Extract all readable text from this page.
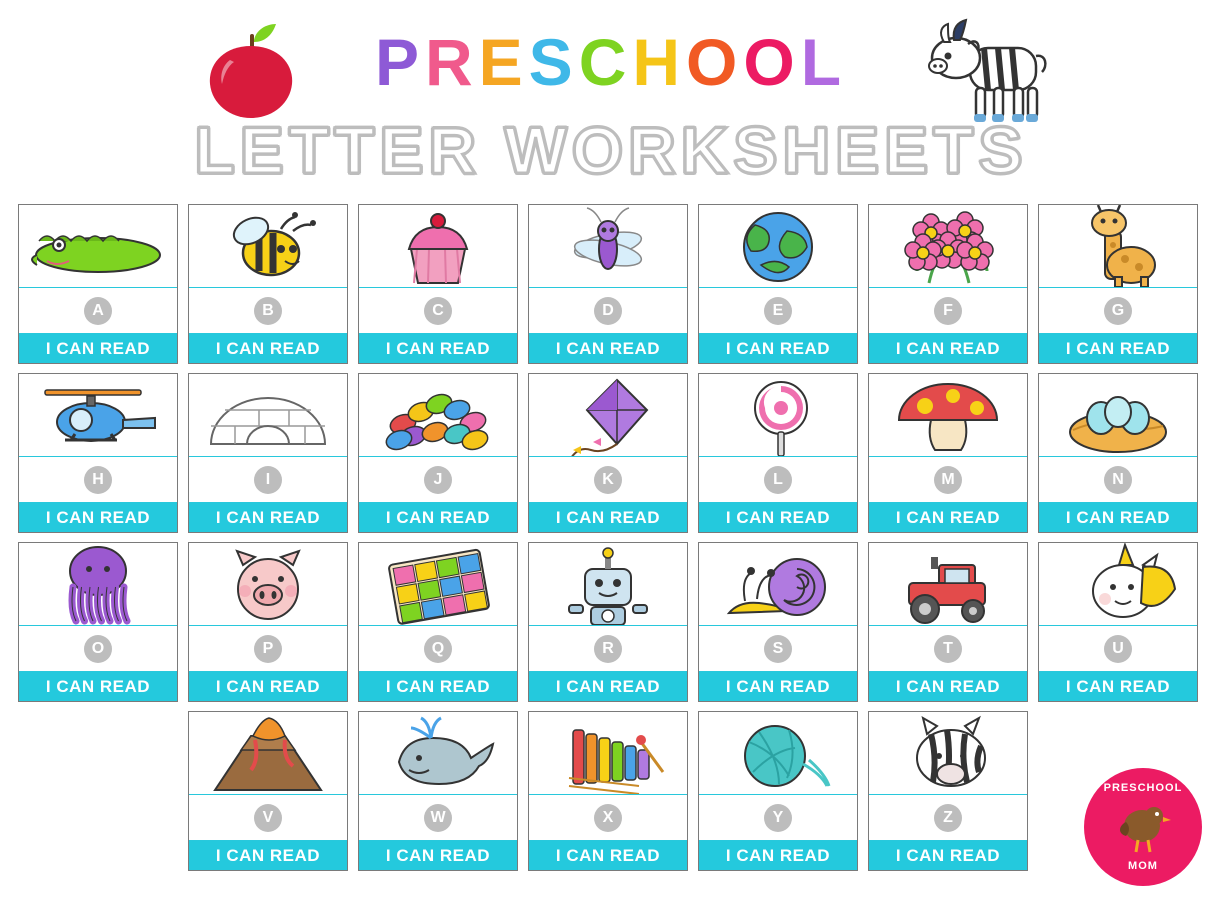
PRESCHOOL
LETTER WORKSHEETS
A
I CAN READ
B
I CAN READ
C
I CAN READ
D
I CAN READ
E
I CAN READ
F
I CAN READ
G
I CAN READ
H
I CAN READ
I
I CAN READ
J
I CAN READ
K
I CAN READ
L
I CAN READ
M
I CAN READ
N
I CAN READ
O
I CAN READ
P
I CAN READ
Q
I CAN READ
R
I CAN READ
S
I CAN READ
T
I CAN READ
U
I CAN READ
V
I CAN READ
W
I CAN READ
X
I CAN READ
Y
I CAN READ
Z
I CAN READ
PRESCHOOL
MOM
